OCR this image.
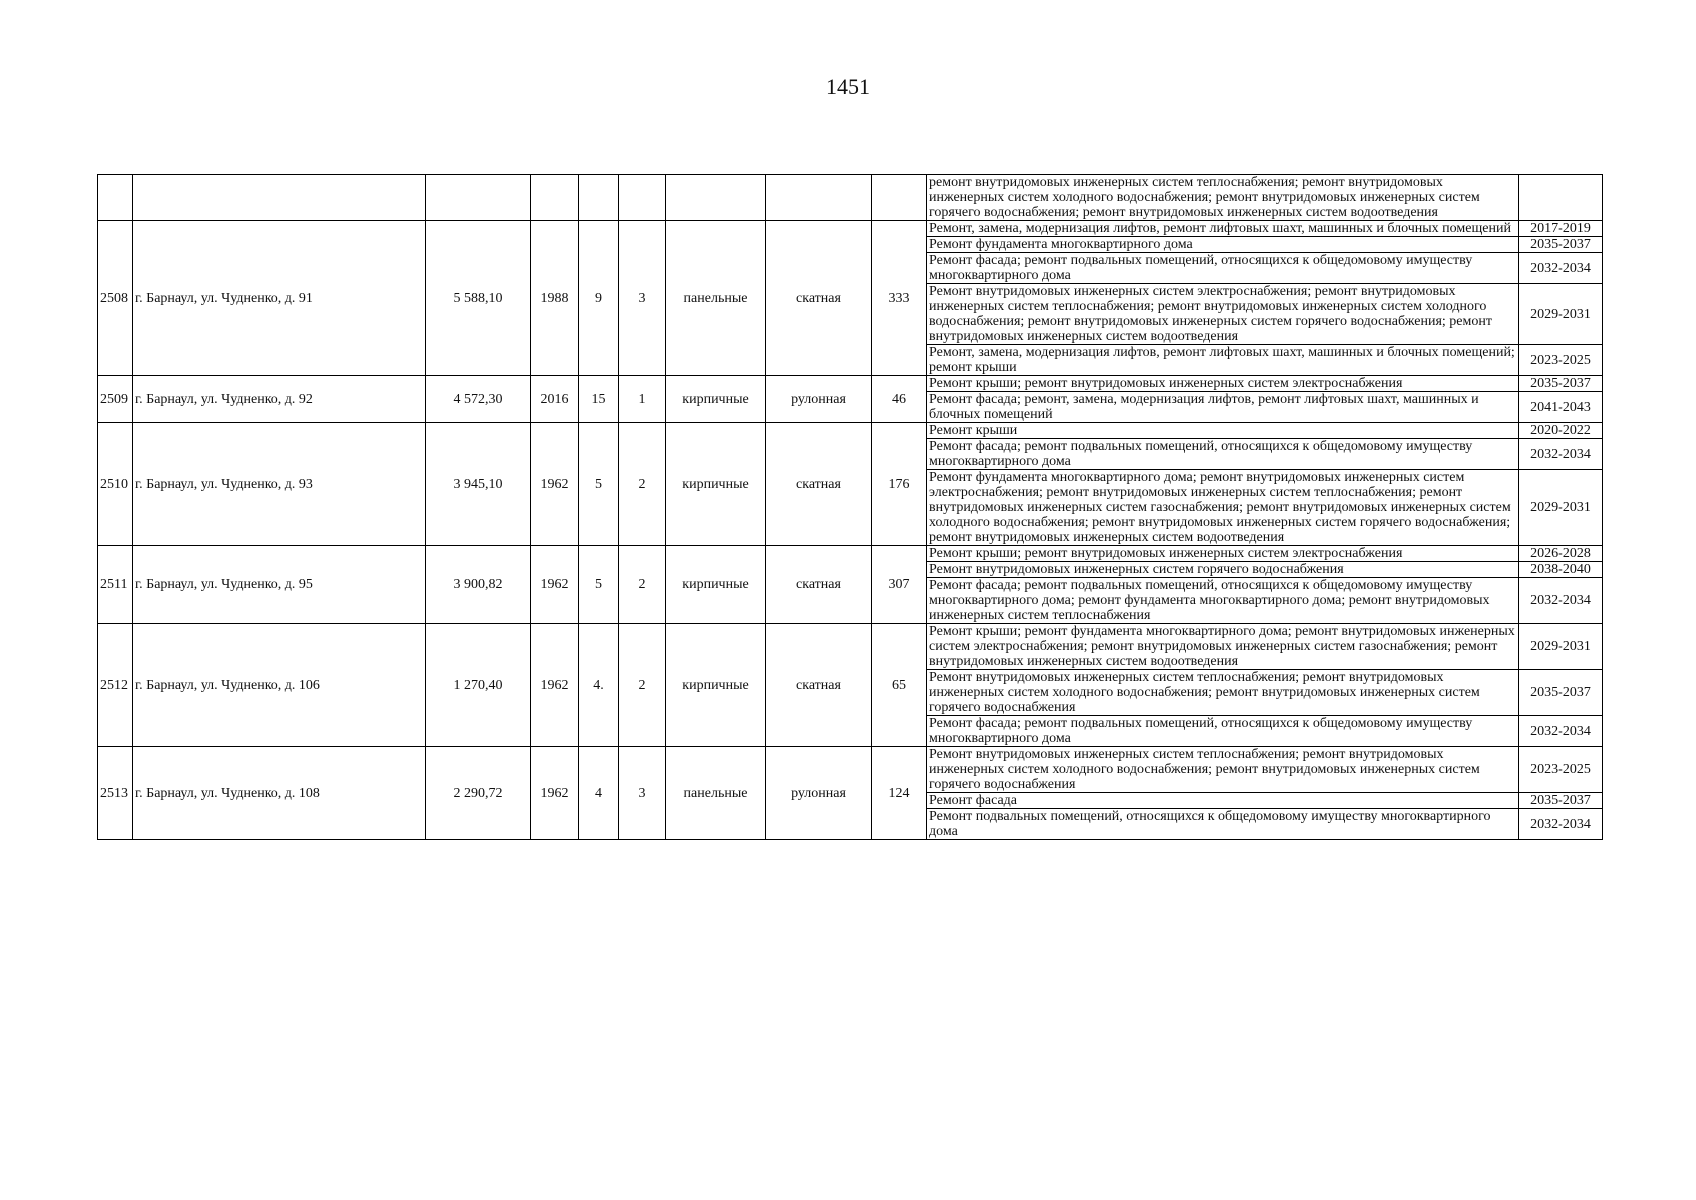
1451
									ремонт внутридомовых инженерных систем теплоснабжения; ремонт внутридомовых инженерных систем холодного водоснабжения; ремонт внутридомовых инженерных систем горячего водоснабжения; ремонт внутридомовых инженерных систем водоотведения	
2508	г. Барнаул, ул. Чудненко, д. 91	5 588,10	1988	9	3	панельные	скатная	333	Ремонт, замена, модернизация лифтов, ремонт лифтовых шахт, машинных и блочных помещений	2017-2019
									Ремонт фундамента многоквартирного дома	2035-2037
									Ремонт фасада; ремонт подвальных помещений, относящихся к общедомовому имуществу многоквартирного дома	2032-2034
									Ремонт внутридомовых инженерных систем электроснабжения; ремонт внутридомовых инженерных систем теплоснабжения; ремонт внутридомовых инженерных систем холодного водоснабжения; ремонт внутридомовых инженерных систем горячего водоснабжения; ремонт внутридомовых инженерных систем водоотведения	2029-2031
									Ремонт, замена, модернизация лифтов, ремонт лифтовых шахт, машинных и блочных помещений; ремонт крыши	2023-2025
2509	г. Барнаул, ул. Чудненко, д. 92	4 572,30	2016	15	1	кирпичные	рулонная	46	Ремонт крыши; ремонт внутридомовых инженерных систем электроснабжения	2035-2037
									Ремонт фасада; ремонт, замена, модернизация лифтов, ремонт лифтовых шахт, машинных и блочных помещений	2041-2043
2510	г. Барнаул, ул. Чудненко, д. 93	3 945,10	1962	5	2	кирпичные	скатная	176	Ремонт крыши	2020-2022
									Ремонт фасада; ремонт подвальных помещений, относящихся к общедомовому имуществу многоквартирного дома	2032-2034
									Ремонт фундамента многоквартирного дома; ремонт внутридомовых инженерных систем электроснабжения; ремонт внутридомовых инженерных систем теплоснабжения; ремонт внутридомовых инженерных систем газоснабжения; ремонт внутридомовых инженерных систем холодного водоснабжения; ремонт внутридомовых инженерных систем горячего водоснабжения; ремонт внутридомовых инженерных систем водоотведения	2029-2031
2511	г. Барнаул, ул. Чудненко, д. 95	3 900,82	1962	5	2	кирпичные	скатная	307	Ремонт крыши; ремонт внутридомовых инженерных систем электроснабжения	2026-2028
									Ремонт внутридомовых инженерных систем горячего водоснабжения	2038-2040
									Ремонт фасада; ремонт подвальных помещений, относящихся к общедомовому имуществу многоквартирного дома; ремонт фундамента многоквартирного дома; ремонт внутридомовых инженерных систем теплоснабжения	2032-2034
2512	г. Барнаул, ул. Чудненко, д. 106	1 270,40	1962	4.	2	кирпичные	скатная	65	Ремонт крыши; ремонт фундамента многоквартирного дома; ремонт внутридомовых инженерных систем электроснабжения; ремонт внутридомовых инженерных систем газоснабжения; ремонт внутридомовых инженерных систем водоотведения	2029-2031
									Ремонт внутридомовых инженерных систем теплоснабжения; ремонт внутридомовых инженерных систем холодного водоснабжения; ремонт внутридомовых инженерных систем горячего водоснабжения	2035-2037
									Ремонт фасада; ремонт подвальных помещений, относящихся к общедомовому имуществу многоквартирного дома	2032-2034
2513	г. Барнаул, ул. Чудненко, д. 108	2 290,72	1962	4	3	панельные	рулонная	124	Ремонт внутридомовых инженерных систем теплоснабжения; ремонт внутридомовых инженерных систем холодного водоснабжения; ремонт внутридомовых инженерных систем горячего водоснабжения	2023-2025
									Ремонт фасада	2035-2037
									Ремонт подвальных помещений, относящихся к общедомовому имуществу многоквартирного дома	2032-2034
